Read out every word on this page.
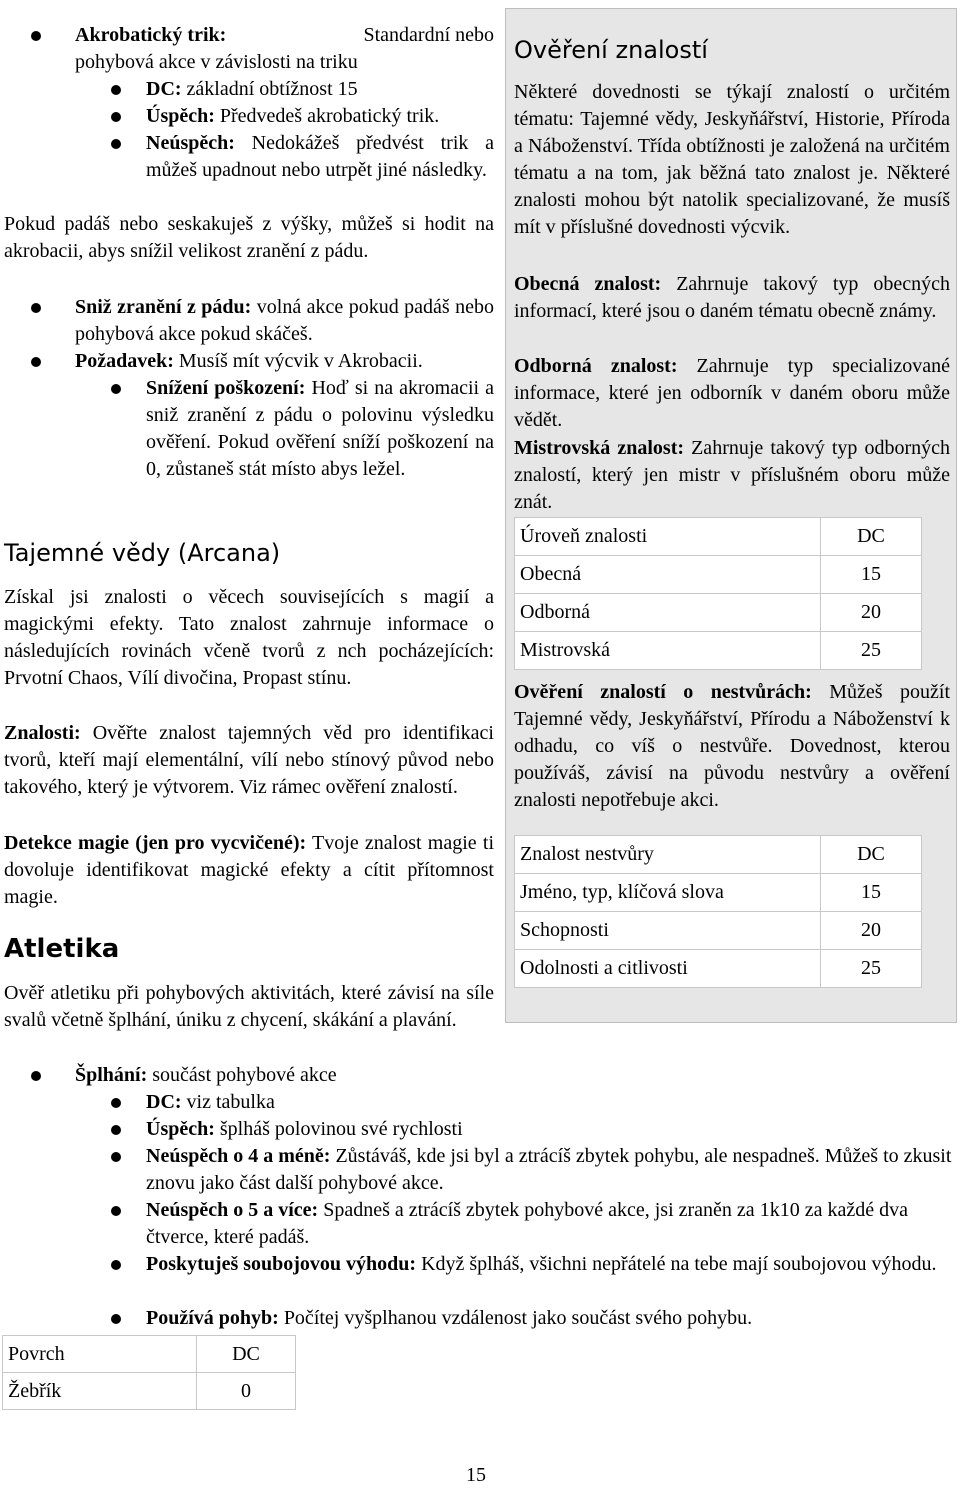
Akrobatický trik:	Standardní nebo
pohybová akce v závislosti na triku
DC: základní obtížnost 15
Úspěch: Předvedeš akrobatický trik.
Neúspěch: Nedokážeš předvést trik a můžeš upadnout nebo utrpět jiné následky.
Pokud padáš nebo seskakuješ z výšky, můžeš si hodit na akrobacii, abys snížil velikost zranění z pádu.
Sniž zranění z pádu: volná akce pokud padáš nebo pohybová akce pokud skáčeš.
Požadavek: Musíš mít výcvik v Akrobacii.
Snížení poškození: Hoď si na akromacii a sniž zranění z pádu o polovinu výsledku ověření. Pokud ověření sníží poškození na 0, zůstaneš stát místo abys ležel.
Tajemné vědy (Arcana)
Získal jsi znalosti o věcech souvisejících s magií a magickými efekty. Tato znalost zahrnuje informace o následujících rovinách včeně tvorů z nch pocházejících: Prvotní Chaos, Vílí divočina, Propast stínu.
Znalosti: Ověřte znalost tajemných věd pro identifikaci tvorů, kteří mají elementální, vílí nebo stínový původ nebo takového, který je výtvorem. Viz rámec ověření znalostí.
Detekce magie (jen pro vycvičené): Tvoje znalost magie ti dovoluje identifikovat magické efekty a cítit přítomnost magie.
Atletika
Ověř atletiku při pohybových aktivitách, které závisí na síle svalů včetně šplhání, úniku z chycení, skákání a plavání.
Šplhání: součást pohybové akce
DC: viz tabulka
Úspěch: šplháš polovinou své rychlosti
Neúspěch o 4 a méně: Zůstáváš, kde jsi byl a ztrácíš zbytek pohybu, ale nespadneš. Můžeš to zkusit znovu jako část další pohybové akce.
Neúspěch o 5 a více: Spadneš a ztrácíš zbytek pohybové akce, jsi zraněn za 1k10 za každé dva čtverce, které padáš.
Poskytuješ soubojovou výhodu: Když šplháš, všichni nepřátelé na tebe mají soubojovou výhodu.
Používá pohyb: Počítej vyšplhanou vzdálenost jako součást svého pohybu.
Povrch	DC
Žebřík	0
Ověření znalostí
Některé dovednosti se týkají znalostí o určitém tématu: Tajemné vědy, Jeskyňářství, Historie, Příroda a Náboženství. Třída obtížnosti je založená na určitém tématu a na tom, jak běžná tato znalost je. Některé znalosti mohou být natolik specializované, že musíš mít v příslušné dovednosti výcvik.
Obecná znalost: Zahrnuje takový typ obecných informací, které jsou o daném tématu obecně známy.
Odborná znalost: Zahrnuje typ specializované informace, které jen odborník v daném oboru může vědět.
Mistrovská znalost: Zahrnuje takový typ odborných znalostí, který jen mistr v příslušném oboru může znát.
Úroveň znalosti	DC
Obecná	15
Odborná	20
Mistrovská	25
Ověření znalostí o nestvůrách: Můžeš použít Tajemné vědy, Jeskyňářství, Přírodu a Náboženství k odhadu, co víš o nestvůře. Dovednost, kterou používáš, závisí na původu nestvůry a ověření znalosti nepotřebuje akci.
Znalost nestvůry	DC
Jméno, typ, klíčová slova	15
Schopnosti	20
Odolnosti a citlivosti	25
15
